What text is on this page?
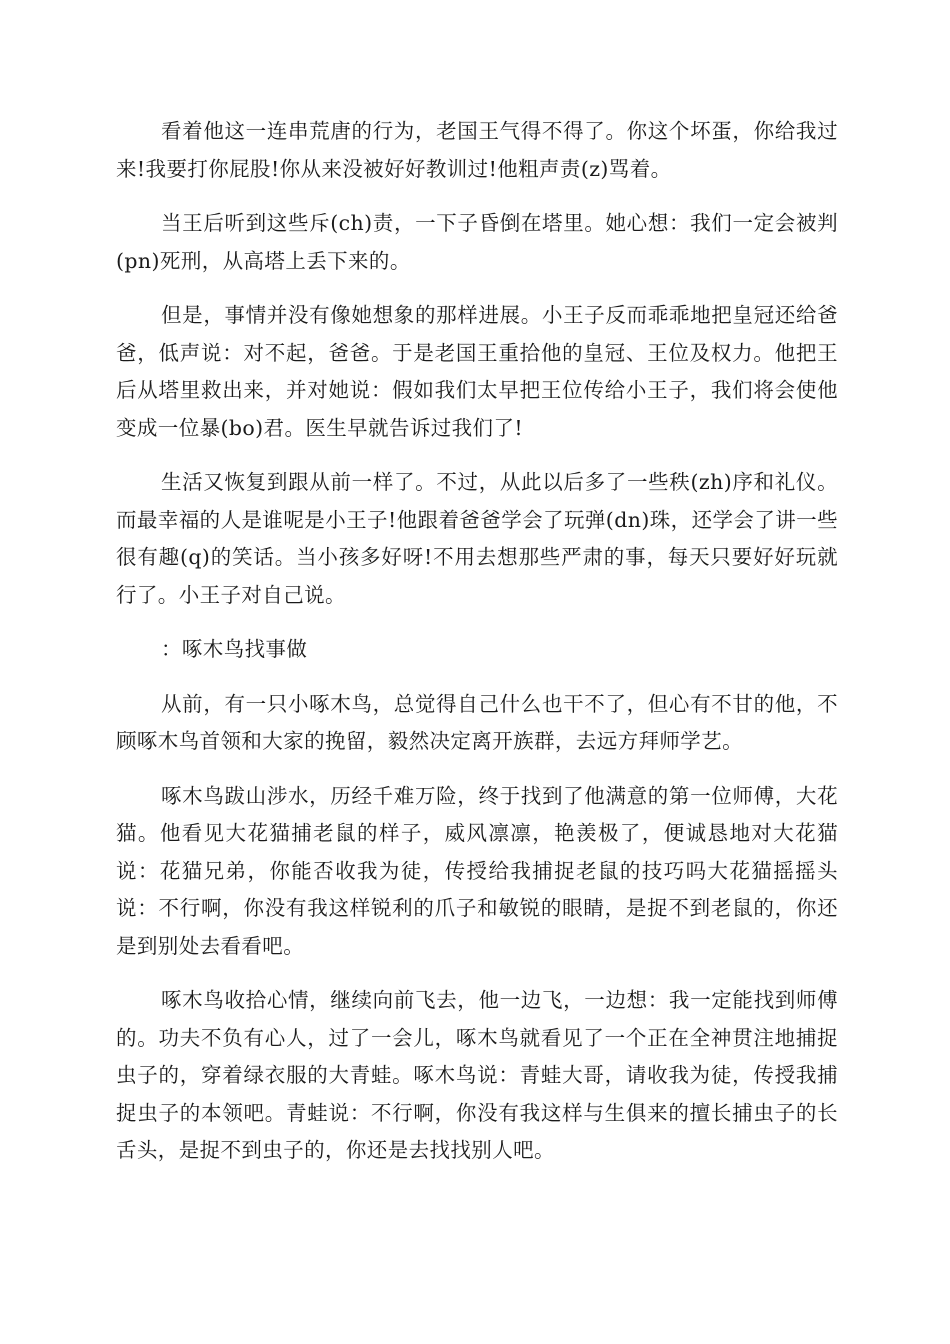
看着他这一连串荒唐的行为，老国王气得不得了。你这个坏蛋，你给我过来!我要打你屁股!你从来没被好好教训过!他粗声责(z)骂着。

当王后听到这些斥(ch)责，一下子昏倒在塔里。她心想：我们一定会被判(pn)死刑，从高塔上丢下来的。

但是，事情并没有像她想象的那样进展。小王子反而乖乖地把皇冠还给爸爸，低声说：对不起，爸爸。于是老国王重拾他的皇冠、王位及权力。他把王后从塔里救出来，并对她说：假如我们太早把王位传给小王子，我们将会使他变成一位暴(bo)君。医生早就告诉过我们了!

生活又恢复到跟从前一样了。不过，从此以后多了一些秩(zh)序和礼仪。而最幸福的人是谁呢是小王子!他跟着爸爸学会了玩弹(dn)珠，还学会了讲一些很有趣(q)的笑话。当小孩多好呀!不用去想那些严肃的事，每天只要好好玩就行了。小王子对自己说。

：啄木鸟找事做

从前，有一只小啄木鸟，总觉得自己什么也干不了，但心有不甘的他，不顾啄木鸟首领和大家的挽留，毅然决定离开族群，去远方拜师学艺。

啄木鸟跋山涉水，历经千难万险，终于找到了他满意的第一位师傅，大花猫。他看见大花猫捕老鼠的样子，威风凛凛，艳羡极了，便诚恳地对大花猫说：花猫兄弟，你能否收我为徒，传授给我捕捉老鼠的技巧吗大花猫摇摇头说：不行啊，你没有我这样锐利的爪子和敏锐的眼睛，是捉不到老鼠的，你还是到别处去看看吧。

啄木鸟收拾心情，继续向前飞去，他一边飞，一边想：我一定能找到师傅的。功夫不负有心人，过了一会儿，啄木鸟就看见了一个正在全神贯注地捕捉虫子的，穿着绿衣服的大青蛙。啄木鸟说：青蛙大哥，请收我为徒，传授我捕捉虫子的本领吧。青蛙说：不行啊，你没有我这样与生俱来的擅长捕虫子的长舌头，是捉不到虫子的，你还是去找找别人吧。
